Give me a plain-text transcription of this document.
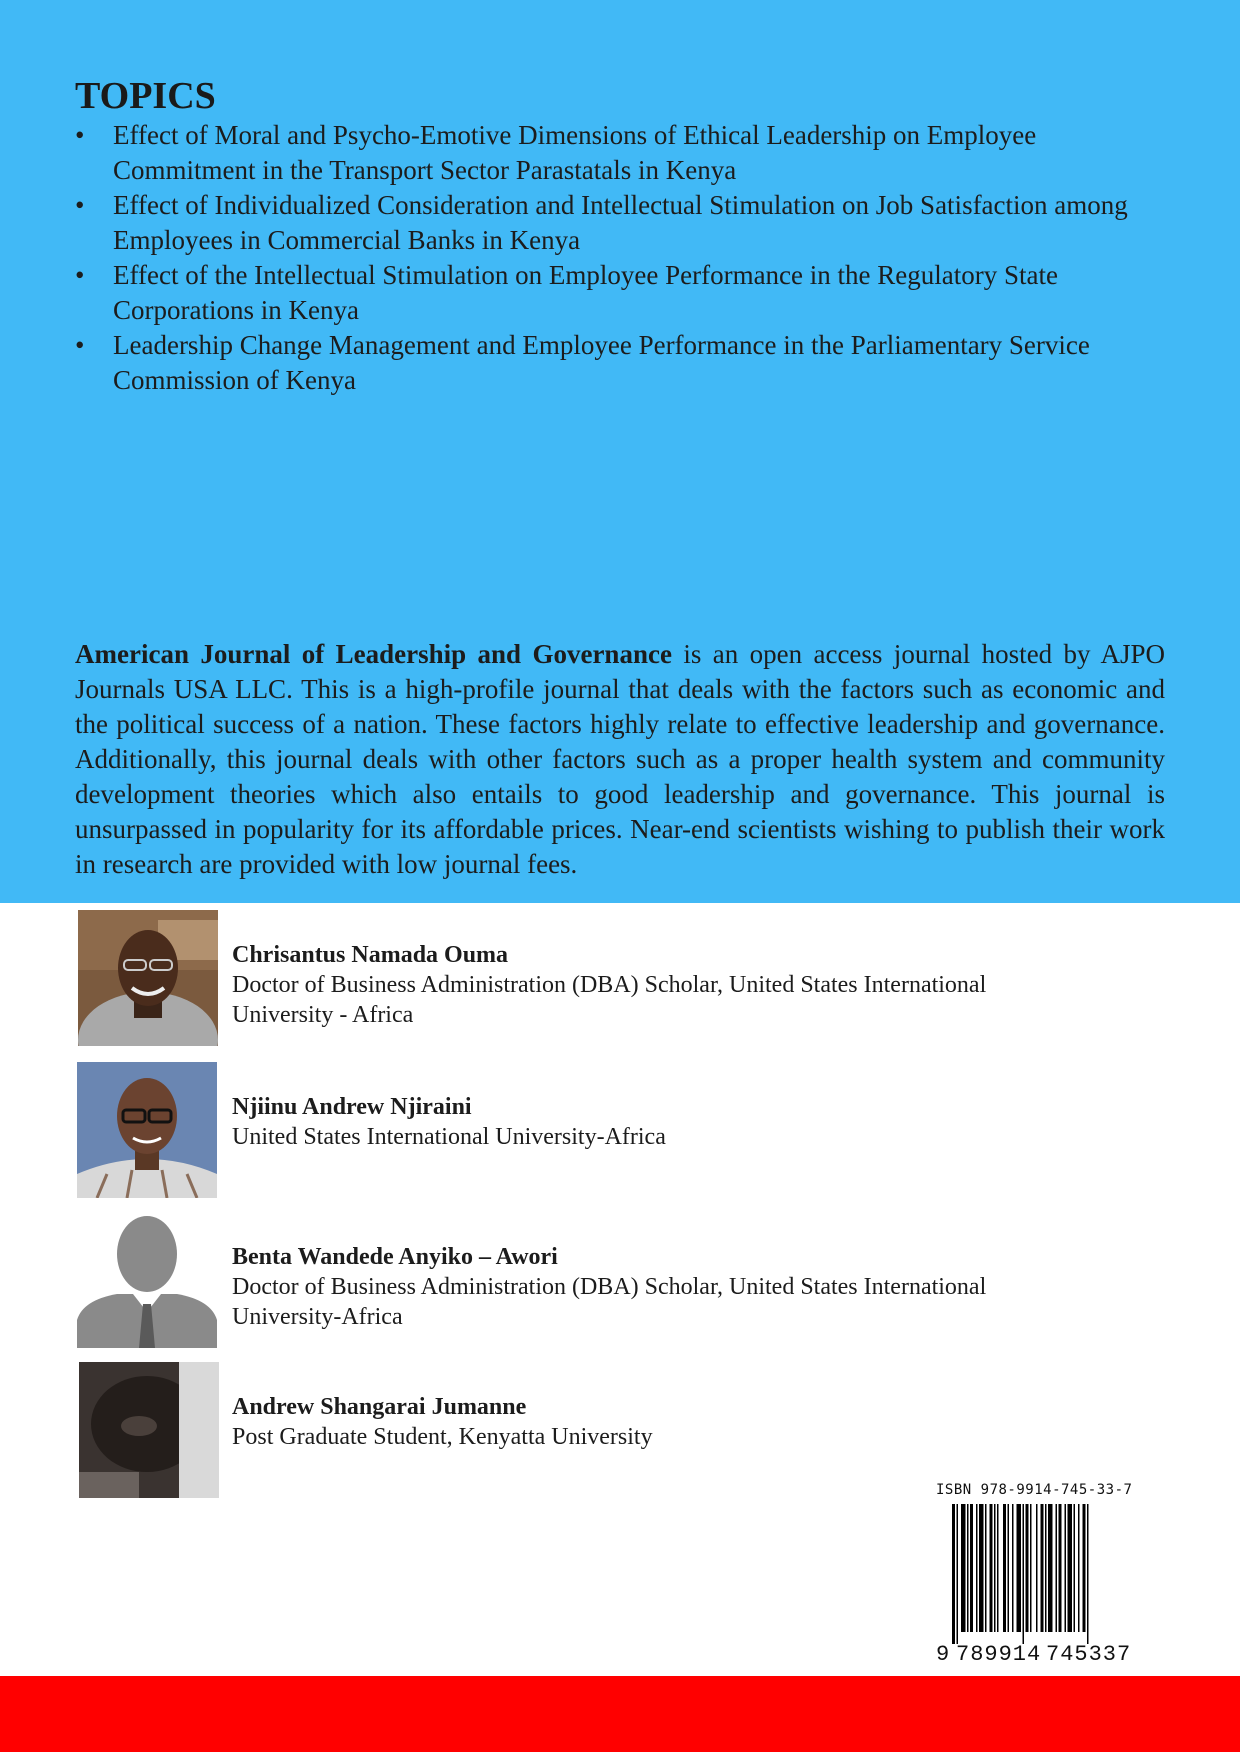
TOPICS
•	Effect of Moral and Psycho-Emotive Dimensions of Ethical Leadership on Employee Commitment in the Transport Sector Parastatals in Kenya
•	Effect of Individualized Consideration and Intellectual Stimulation on Job Satisfaction among Employees in Commercial Banks in Kenya
•	Effect of the Intellectual Stimulation on Employee Performance in the Regulatory State Corporations in Kenya
•	Leadership Change Management and Employee Performance in the Parliamentary Service Commission of Kenya

American Journal of Leadership and Governance is an open access journal hosted by AJPO Journals USA LLC. This is a high-profile journal that deals with the factors such as economic and the political success of a nation. These factors highly relate to effective leadership and governance. Additionally, this journal deals with other factors such as a proper health system and community development theories which also entails to good leadership and governance. This journal is unsurpassed in popularity for its affordable prices. Near-end scientists wishing to publish their work in research are provided with low journal fees.

Chrisantus Namada Ouma
Doctor of Business Administration (DBA) Scholar, United States International
University - Africa
Njiinu Andrew Njiraini
United States International University-Africa
Benta Wandede Anyiko – Awori
Doctor of Business Administration (DBA) Scholar, United States International
University-Africa
Andrew Shangarai Jumanne
Post Graduate Student, Kenyatta University
ISBN 978-9914-745-33-7
9 789914 745337
